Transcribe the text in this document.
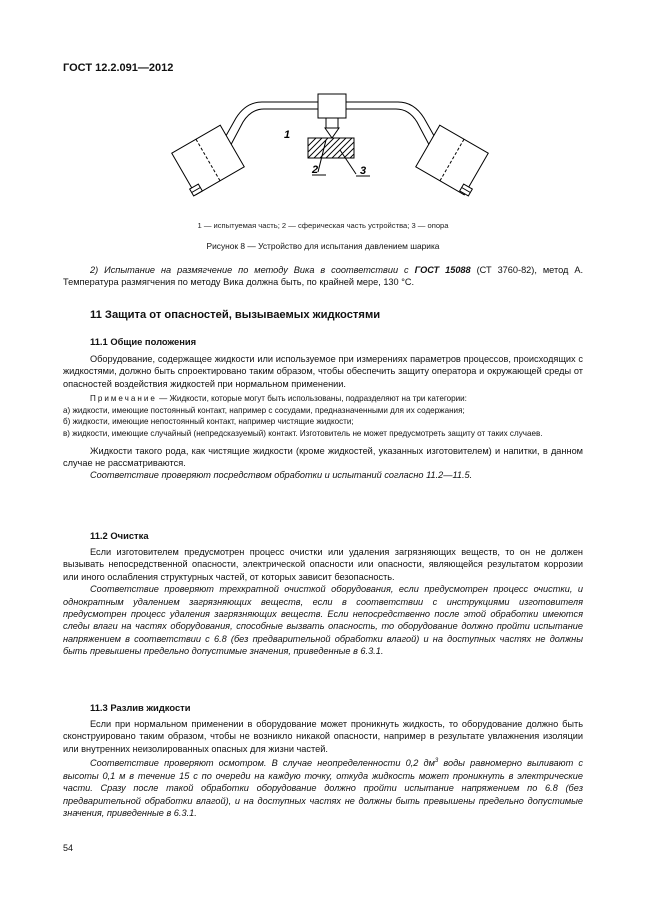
ГОСТ 12.2.091—2012
1
2	3
1 — испытуемая часть; 2 — сферическая часть устройства; 3 — опора
Рисунок 8 — Устройство для испытания давлением шарика
2) Испытание на размягчение по методу Вика в соответствии с ГОСТ 15088 (СТ 3760-82), метод А. Температура размягчения по методу Вика должна быть, по крайней мере, 130 °С.
11 Защита от опасностей, вызываемых жидкостями
11.1 Общие положения
Оборудование, содержащее жидкости или используемое при измерениях параметров процессов, происходящих с жидкостями, должно быть спроектировано таким образом, чтобы обеспечить защиту оператора и окружающей среды от опасностей воздействия жидкостей при нормальном применении.
Примечание — Жидкости, которые могут быть использованы, подразделяют на три категории:
а) жидкости, имеющие постоянный контакт, например с сосудами, предназначенными для их содержания;
б) жидкости, имеющие непостоянный контакт, например чистящие жидкости;
в) жидкости, имеющие случайный (непредсказуемый) контакт. Изготовитель не может предусмотреть защиту от таких случаев.
Жидкости такого рода, как чистящие жидкости (кроме жидкостей, указанных изготовителем) и напитки, в данном случае не рассматриваются.
Соответствие проверяют посредством обработки и испытаний согласно 11.2—11.5.
11.2 Очистка
Если изготовителем предусмотрен процесс очистки или удаления загрязняющих веществ, то он не должен вызывать непосредственной опасности, электрической опасности или опасности, являющейся результатом коррозии или иного ослабления структурных частей, от которых зависит безопасность.
Соответствие проверяют трехкратной очисткой оборудования, если предусмотрен процесс очистки, и однократным удалением загрязняющих веществ, если в соответствии с инструкциями изготовителя предусмотрен процесс удаления загрязняющих веществ. Если непосредственно после этой обработки имеются следы влаги на частях оборудования, способные вызвать опасность, то оборудование должно пройти испытание напряжением в соответствии с 6.8 (без предварительной обработки влагой) и на доступных частях не должны быть превышены предельно допустимые значения, приведенные в 6.3.1.
11.3 Разлив жидкости
Если при нормальном применении в оборудование может проникнуть жидкость, то оборудование должно быть сконструировано таким образом, чтобы не возникло никакой опасности, например в результате увлажнения изоляции или внутренних неизолированных опасных для жизни частей.
Соответствие проверяют осмотром. В случае неопределенности 0,2 $дм^3$ воды равномерно выливают с высоты 0,1 м в течение 15 с по очереди на каждую точку, откуда жидкость может проникнуть в электрические части. Сразу после такой обработки оборудование должно пройти испытание напряжением по 6.8 (без предварительной обработки влагой), и на доступных частях не должны быть превышены предельно допустимые значения, приведенные в 6.3.1.
54
